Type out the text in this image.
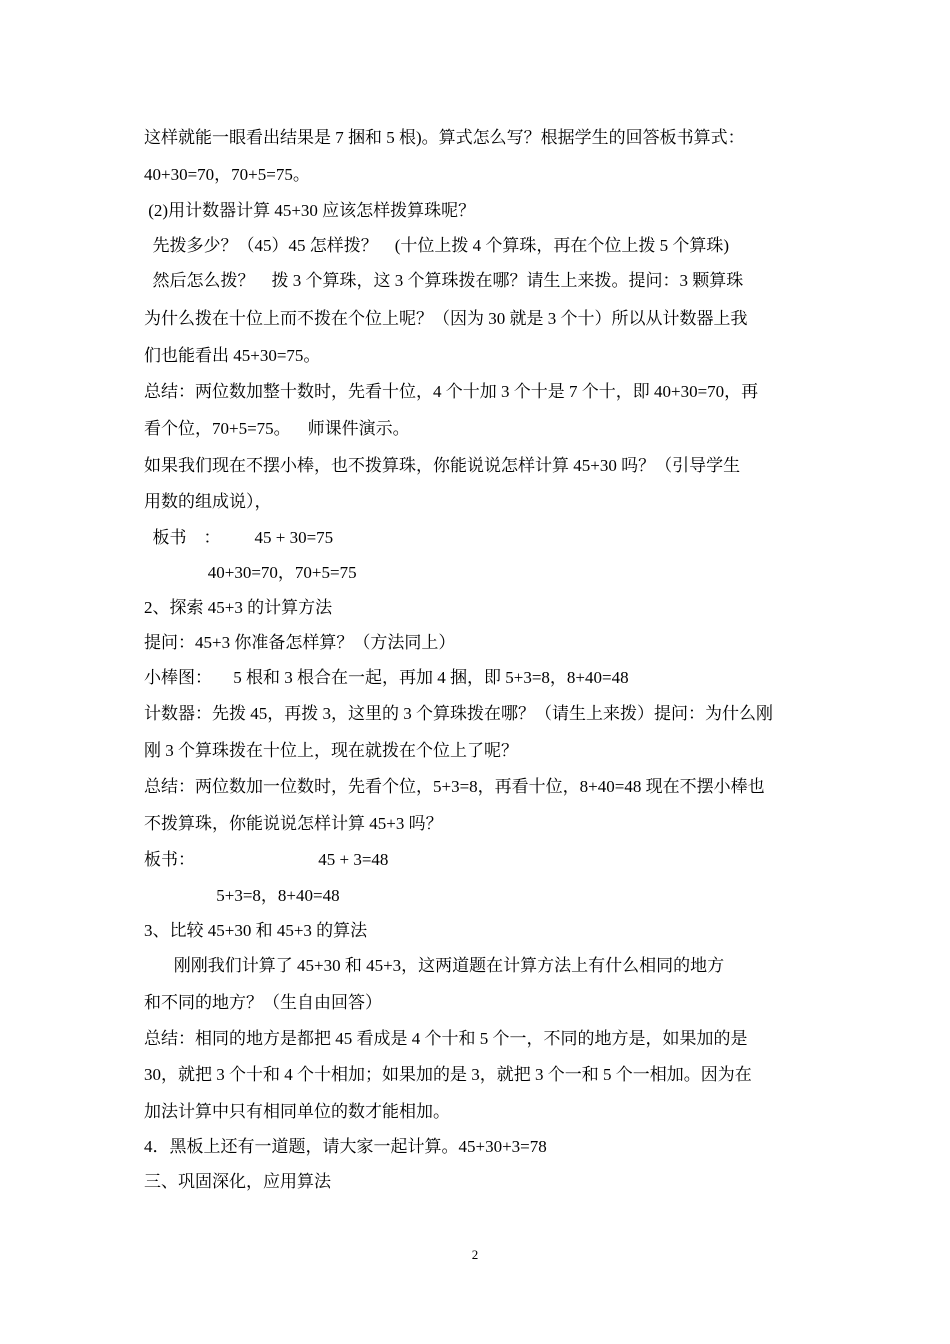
这样就能一眼看出结果是 7 捆和 5 根)。算式怎么写？根据学生的回答板书算式：
40+30=70，70+5=75。
(2)用计数器计算 45+30 应该怎样拨算珠呢？
先拨多少？（45）45 怎样拨？    (十位上拨 4 个算珠，再在个位上拨 5 个算珠)
然后怎么拨？    拨 3 个算珠，这 3 个算珠拨在哪？请生上来拨。提问：3 颗算珠
为什么拨在十位上而不拨在个位上呢？（因为 30 就是 3 个十）所以从计数器上我
们也能看出 45+30=75。
总结：两位数加整十数时，先看十位，4 个十加 3 个十是 7 个十，即 40+30=70，再
看个位，70+5=75。    师课件演示。
如果我们现在不摆小棒，也不拨算珠，你能说说怎样计算 45+30 吗？（引导学生
用数的组成说），
板书    ：        45 + 30=75
40+30=70，70+5=75
2、探索 45+3 的计算方法
提问：45+3 你准备怎样算？（方法同上）
小棒图：     5 根和 3 根合在一起，再加 4 捆，即 5+3=8，8+40=48
计数器：先拨 45，再拨 3，这里的 3 个算珠拨在哪？（请生上来拨）提问：为什么刚
刚 3 个算珠拨在十位上，现在就拨在个位上了呢？
总结：两位数加一位数时，先看个位，5+3=8，再看十位，8+40=48 现在不摆小棒也
不拨算珠，你能说说怎样计算 45+3 吗？
板书：                             45 + 3=48
5+3=8，8+40=48
3、比较 45+30 和 45+3 的算法
刚刚我们计算了 45+30 和 45+3，这两道题在计算方法上有什么相同的地方
和不同的地方？（生自由回答）
总结：相同的地方是都把 45 看成是 4 个十和 5 个一，不同的地方是，如果加的是
30，就把 3 个十和 4 个十相加；如果加的是 3，就把 3 个一和 5 个一相加。因为在
加法计算中只有相同单位的数才能相加。
4．黑板上还有一道题，请大家一起计算。45+30+3=78
三、巩固深化，应用算法
2
